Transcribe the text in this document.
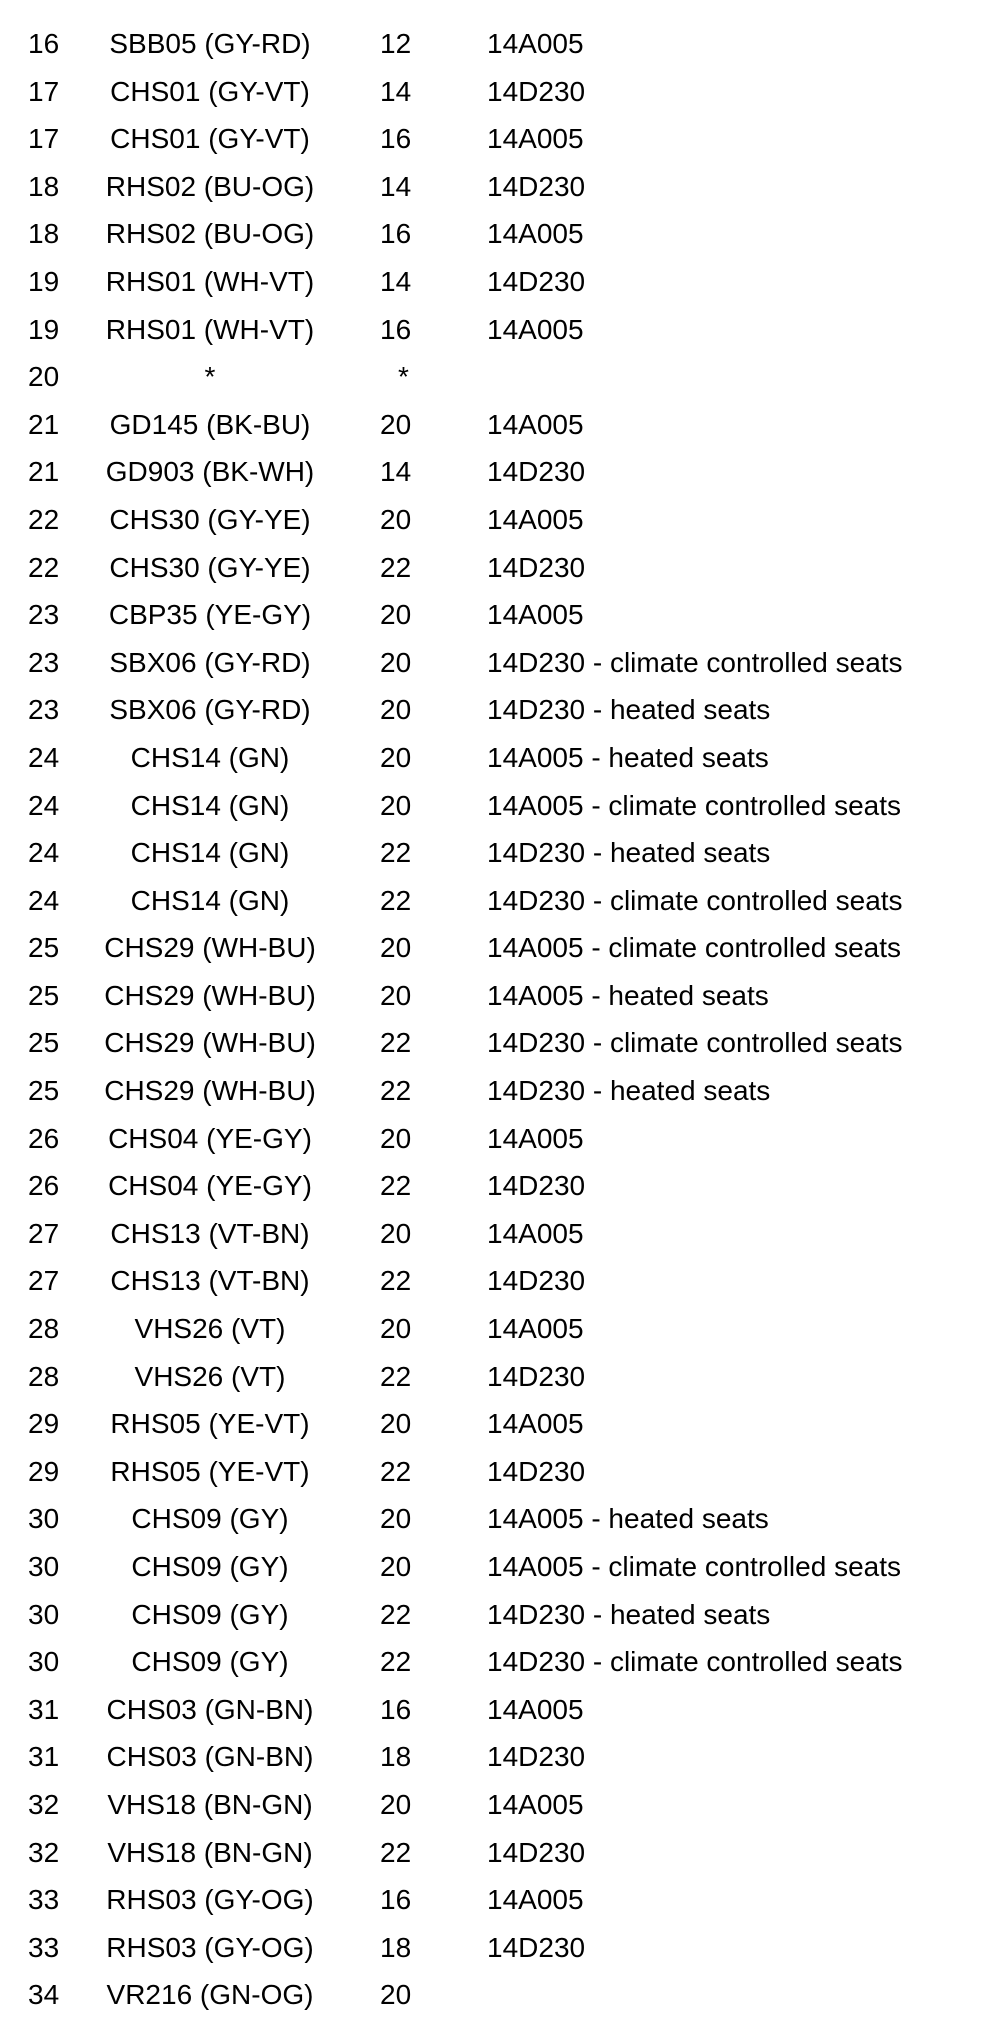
16	SBB05 (GY-RD)	12	14A005
17	CHS01 (GY-VT)	14	14D230
17	CHS01 (GY-VT)	16	14A005
18	RHS02 (BU-OG)	14	14D230
18	RHS02 (BU-OG)	16	14A005
19	RHS01 (WH-VT)	14	14D230
19	RHS01 (WH-VT)	16	14A005
20	*	*
21	GD145 (BK-BU)	20	14A005
21	GD903 (BK-WH)	14	14D230
22	CHS30 (GY-YE)	20	14A005
22	CHS30 (GY-YE)	22	14D230
23	CBP35 (YE-GY)	20	14A005
23	SBX06 (GY-RD)	20	14D230 - climate controlled seats
23	SBX06 (GY-RD)	20	14D230 - heated seats
24	CHS14 (GN)	20	14A005 - heated seats
24	CHS14 (GN)	20	14A005 - climate controlled seats
24	CHS14 (GN)	22	14D230 - heated seats
24	CHS14 (GN)	22	14D230 - climate controlled seats
25	CHS29 (WH-BU)	20	14A005 - climate controlled seats
25	CHS29 (WH-BU)	20	14A005 - heated seats
25	CHS29 (WH-BU)	22	14D230 - climate controlled seats
25	CHS29 (WH-BU)	22	14D230 - heated seats
26	CHS04 (YE-GY)	20	14A005
26	CHS04 (YE-GY)	22	14D230
27	CHS13 (VT-BN)	20	14A005
27	CHS13 (VT-BN)	22	14D230
28	VHS26 (VT)	20	14A005
28	VHS26 (VT)	22	14D230
29	RHS05 (YE-VT)	20	14A005
29	RHS05 (YE-VT)	22	14D230
30	CHS09 (GY)	20	14A005 - heated seats
30	CHS09 (GY)	20	14A005 - climate controlled seats
30	CHS09 (GY)	22	14D230 - heated seats
30	CHS09 (GY)	22	14D230 - climate controlled seats
31	CHS03 (GN-BN)	16	14A005
31	CHS03 (GN-BN)	18	14D230
32	VHS18 (BN-GN)	20	14A005
32	VHS18 (BN-GN)	22	14D230
33	RHS03 (GY-OG)	16	14A005
33	RHS03 (GY-OG)	18	14D230
34	VR216 (GN-OG)	20
